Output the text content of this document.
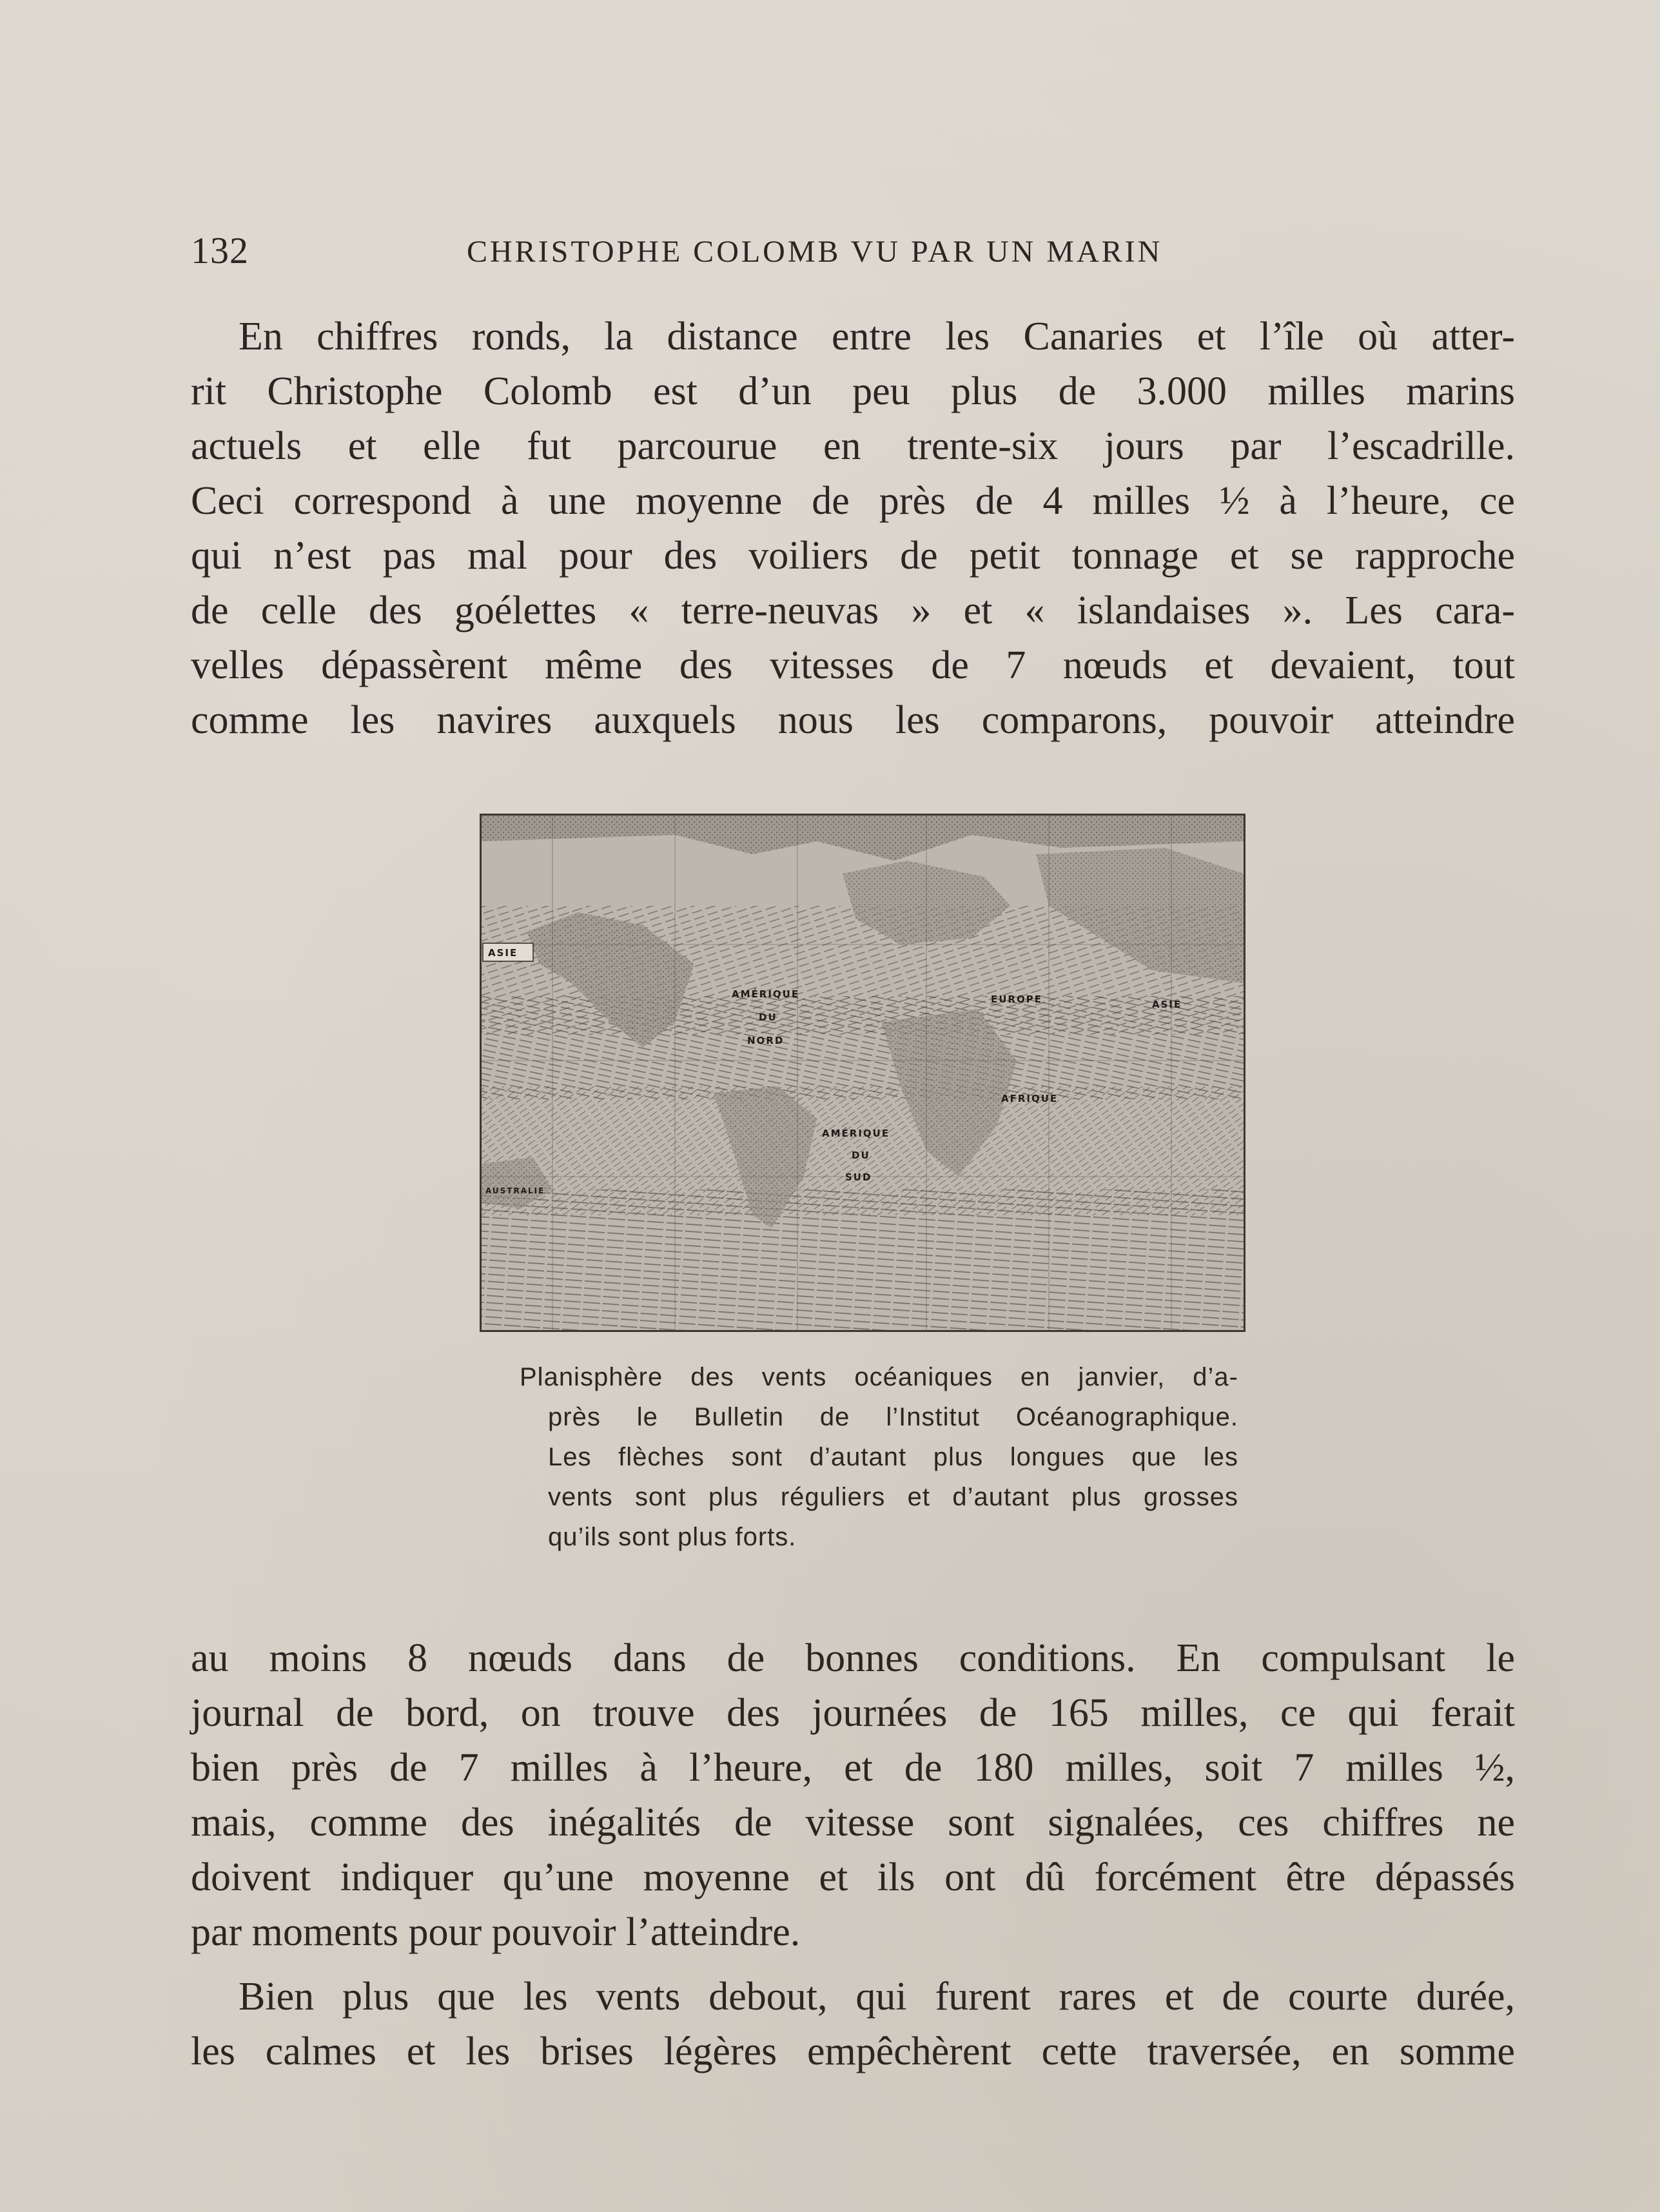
132	CHRISTOPHE COLOMB VU PAR UN MARIN
En chiffres ronds, la distance entre les Canaries et l’île où atter-
rit Christophe Colomb est d’un peu plus de 3.000 milles marins
actuels et elle fut parcourue en trente-six jours par l’escadrille.
Ceci correspond à une moyenne de près de 4 milles ½ à l’heure, ce
qui n’est pas mal pour des voiliers de petit tonnage et se rapproche
de celle des goélettes « terre-neuvas » et « islandaises ». Les cara-
velles dépassèrent même des vitesses de 7 nœuds et devaient, tout
comme les navires auxquels nous les comparons, pouvoir atteindre
ASIE
AMÉRIQUE
DU
NORD
EUROPE	ASIE
AFRIQUE
AMÉRIQUE
DU
SUD
AUSTRALIE
Planisphère des vents océaniques en janvier, d’a-
près le Bulletin de l’Institut Océanographique.
Les flèches sont d’autant plus longues que les
vents sont plus réguliers et d’autant plus grosses
qu’ils sont plus forts.
au moins 8 nœuds dans de bonnes conditions. En compulsant le
journal de bord, on trouve des journées de 165 milles, ce qui ferait
bien près de 7 milles à l’heure, et de 180 milles, soit 7 milles ½,
mais, comme des inégalités de vitesse sont signalées, ces chiffres ne
doivent indiquer qu’une moyenne et ils ont dû forcément être dépassés
par moments pour pouvoir l’atteindre.
Bien plus que les vents debout, qui furent rares et de courte durée,
les calmes et les brises légères empêchèrent cette traversée, en somme
